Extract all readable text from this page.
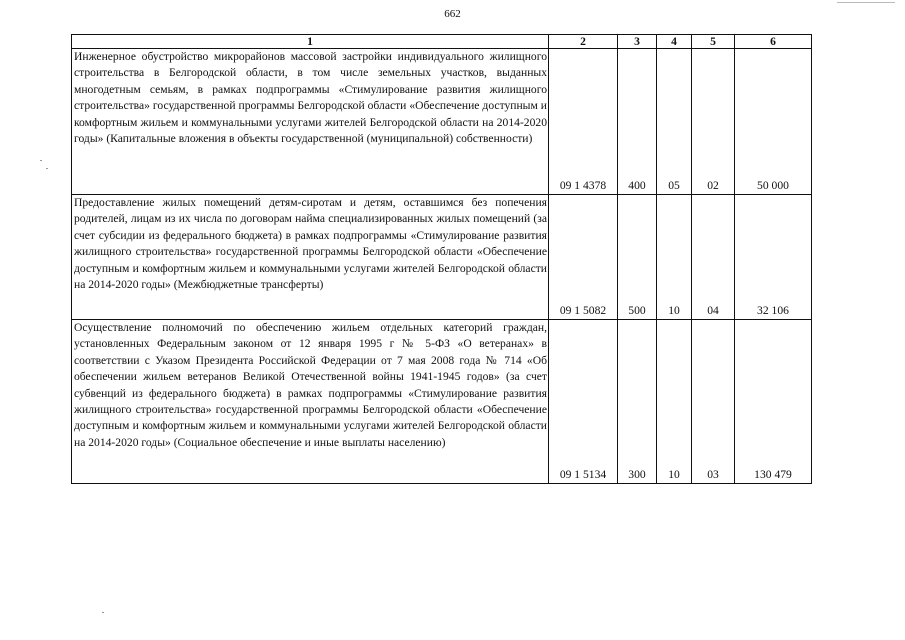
662
1	2	3	4	5	6
Инженерное обустройство микрорайонов массовой застройки индивидуального жилищного строительства в Белгородской области, в том числе земельных участков, выданных многодетным семьям, в рамках подпрограммы «Стимулирование развития жилищного строительства» государственной программы Белгородской области «Обеспечение доступным и комфортным жильем и коммунальными услугами жителей Белгородской области на 2014-2020 годы» (Капитальные вложения в объекты государственной (муниципальной) собственности)	09 1 4378	400	05	02	50 000
Предоставление жилых помещений детям-сиротам и детям, оставшимся без попечения родителей, лицам из их числа по договорам найма специализированных жилых помещений (за счет субсидии из федерального бюджета) в рамках подпрограммы «Стимулирование развития жилищного строительства» государственной программы Белгородской области «Обеспечение доступным и комфортным жильем и коммунальными услугами жителей Белгородской области на 2014-2020 годы» (Межбюджетные трансферты)	09 1 5082	500	10	04	32 106
Осуществление полномочий по обеспечению жильем отдельных категорий граждан, установленных Федеральным законом от 12 января 1995 г № 5-ФЗ «О ветеранах» в соответствии с Указом Президента Российской Федерации от 7 мая 2008 года № 714 «Об обеспечении жильем ветеранов Великой Отечественной войны 1941-1945 годов» (за счет субвенций из федерального бюджета) в рамках подпрограммы «Стимулирование развития жилищного строительства» государственной программы Белгородской области «Обеспечение доступным и комфортным жильем и коммунальными услугами жителей Белгородской области на 2014-2020 годы» (Социальное обеспечение и иные выплаты населению)	09 1 5134	300	10	03	130 479
